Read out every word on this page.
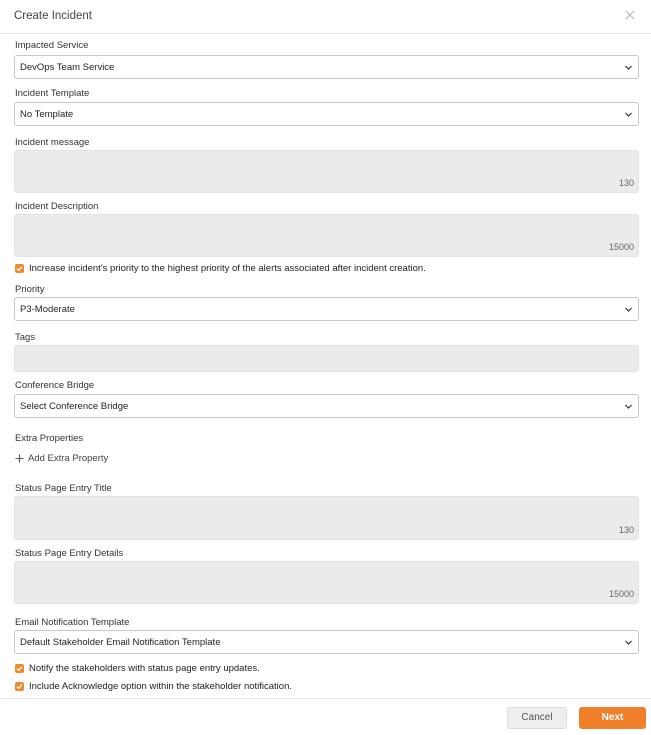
Create Incident
Impacted Service
DevOps Team Service
Incident Template
No Template
Incident message
130
Incident Description
15000
Increase incident's priority to the highest priority of the alerts associated after incident creation.
Priority
P3-Moderate
Tags
Conference Bridge
Select Conference Bridge
Extra Properties
Add Extra Property
Status Page Entry Title
130
Status Page Entry Details
15000
Email Notification Template
Default Stakeholder Email Notification Template
Notify the stakeholders with status page entry updates.
Include Acknowledge option within the stakeholder notification.
Cancel	Next
